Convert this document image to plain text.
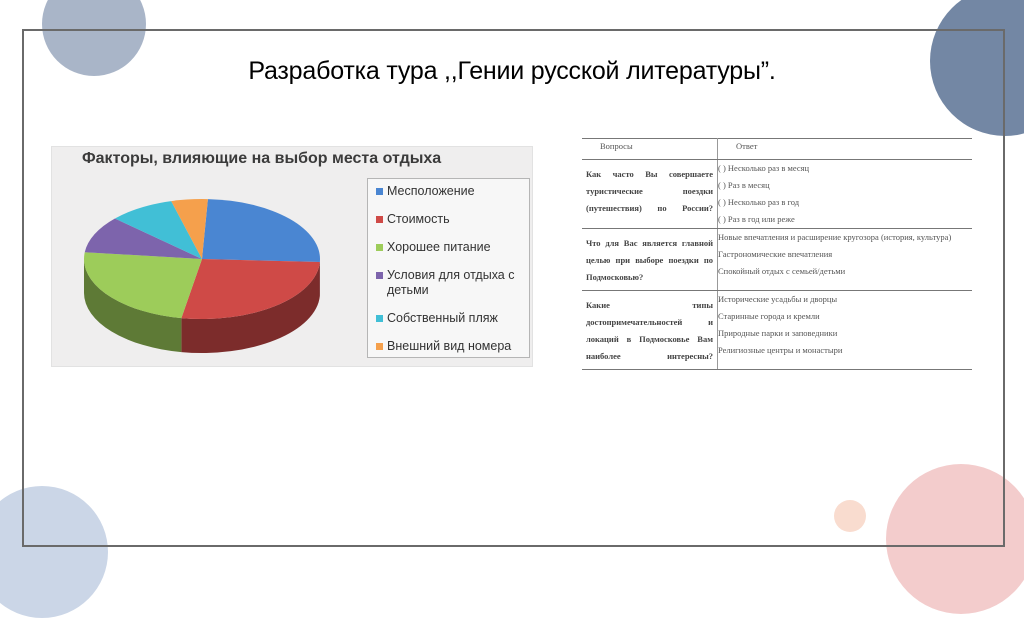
Разработка тура ,,Гении русской литературы”.
Факторы, влияющие на выбор места отдыха
Месположение
Стоимость
Хорошее питание
Условия для отдыха с детьми
Собственный пляж
Внешний вид номера
Вопросы	Ответ

Как часто Вы совершаете туристические поездки (путешествия) по России?	( ) Несколько раз в месяц
( ) Раз в месяц
( ) Несколько раз в год
( ) Раз в год или реже

Что для Вас является главной целью при выборе поездки по Подмосковью?	Новые впечатления и расширение кругозора (история, культура)
Гастрономические впечатления
Спокойный отдых с семьей/детьми

Какие типы достопримечательностей и локаций в Подмосковье Вам наиболее интересны?	Исторические усадьбы и дворцы
Старинные города и кремли
Природные парки и заповедники
Религиозные центры и монастыри
